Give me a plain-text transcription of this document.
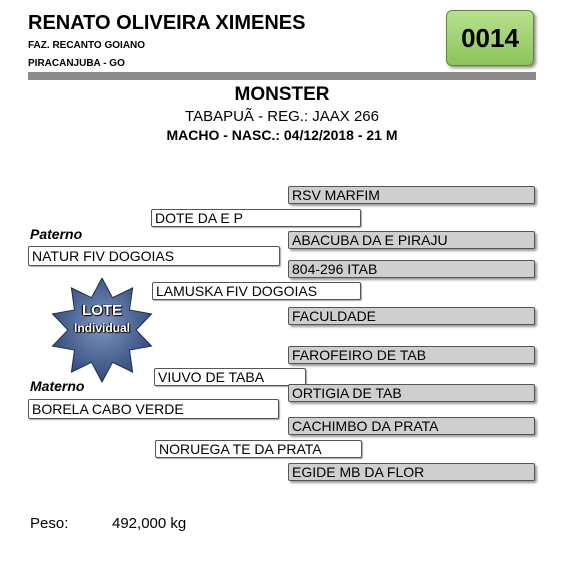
RENATO OLIVEIRA XIMENES
FAZ. RECANTO GOIANO
PIRACANJUBA - GO
0014
MONSTER
TABAPUÃ - REG.: JAAX 266
MACHO - NASC.: 04/12/2018 - 21 M
RSV MARFIM
DOTE DA E P
Paterno	ABACUBA DA E PIRAJU
NATUR FIV DOGOIAS
804-296 ITAB
LAMUSKA FIV DOGOIAS
FACULDADE
LOTE
Individual
FAROFEIRO DE TAB
VIUVO DE TABA
Materno	ORTIGIA DE TAB
BORELA CABO VERDE
CACHIMBO DA PRATA
NORUEGA TE DA PRATA
EGIDE MB DA FLOR
Peso:	492,000 kg
